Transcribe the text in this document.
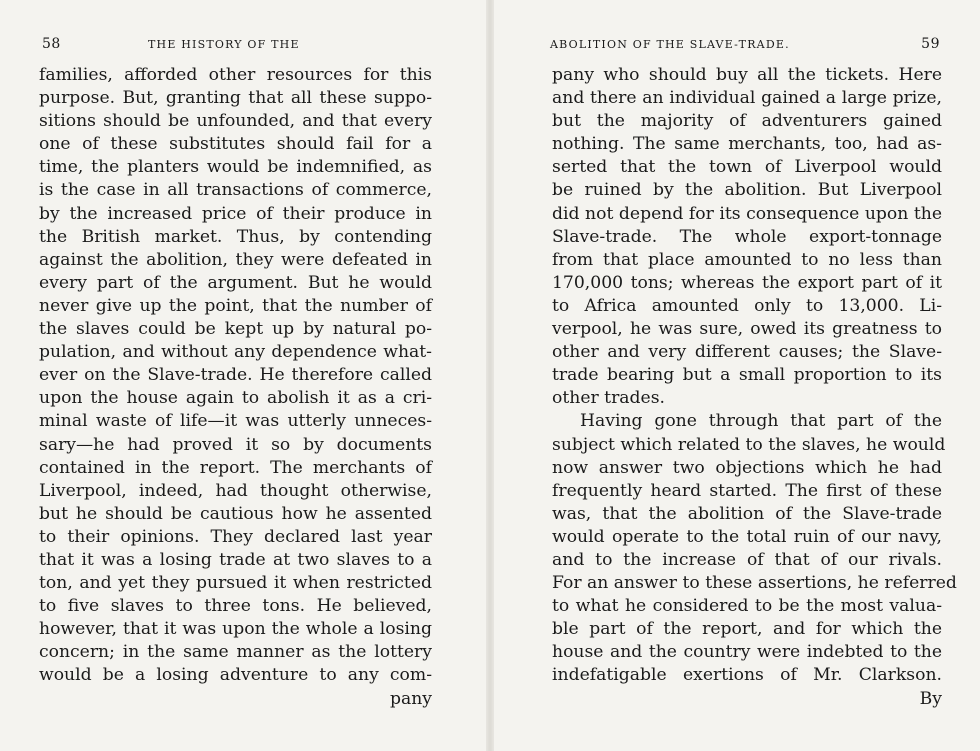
58	THE HISTORY OF THE
families, afforded other resources for this
purpose. But, granting that all these suppo-
sitions should be unfounded, and that every
one of these substitutes should fail for a
time, the planters would be indemnified, as
is the case in all transactions of commerce,
by the increased price of their produce in
the British market. Thus, by contending
against the abolition, they were defeated in
every part of the argument. But he would
never give up the point, that the number of
the slaves could be kept up by natural po-
pulation, and without any dependence what-
ever on the Slave-trade. He therefore called
upon the house again to abolish it as a cri-
minal waste of life—it was utterly unneces-
sary—he had proved it so by documents
contained in the report. The merchants of
Liverpool, indeed, had thought otherwise,
but he should be cautious how he assented
to their opinions. They declared last year
that it was a losing trade at two slaves to a
ton, and yet they pursued it when restricted
to five slaves to three tons. He believed,
however, that it was upon the whole a losing
concern; in the same manner as the lottery
would be a losing adventure to any com-
pany
ABOLITION OF THE SLAVE-TRADE.	59
pany who should buy all the tickets. Here
and there an individual gained a large prize,
but the majority of adventurers gained
nothing. The same merchants, too, had as-
serted that the town of Liverpool would
be ruined by the abolition. But Liverpool
did not depend for its consequence upon the
Slave-trade. The whole export-tonnage
from that place amounted to no less than
170,000 tons; whereas the export part of it
to Africa amounted only to 13,000. Li-
verpool, he was sure, owed its greatness to
other and very different causes; the Slave-
trade bearing but a small proportion to its
other trades.
Having gone through that part of the
subject which related to the slaves, he would
now answer two objections which he had
frequently heard started. The first of these
was, that the abolition of the Slave-trade
would operate to the total ruin of our navy,
and to the increase of that of our rivals.
For an answer to these assertions, he referred
to what he considered to be the most valua-
ble part of the report, and for which the
house and the country were indebted to the
indefatigable exertions of Mr. Clarkson.
By
